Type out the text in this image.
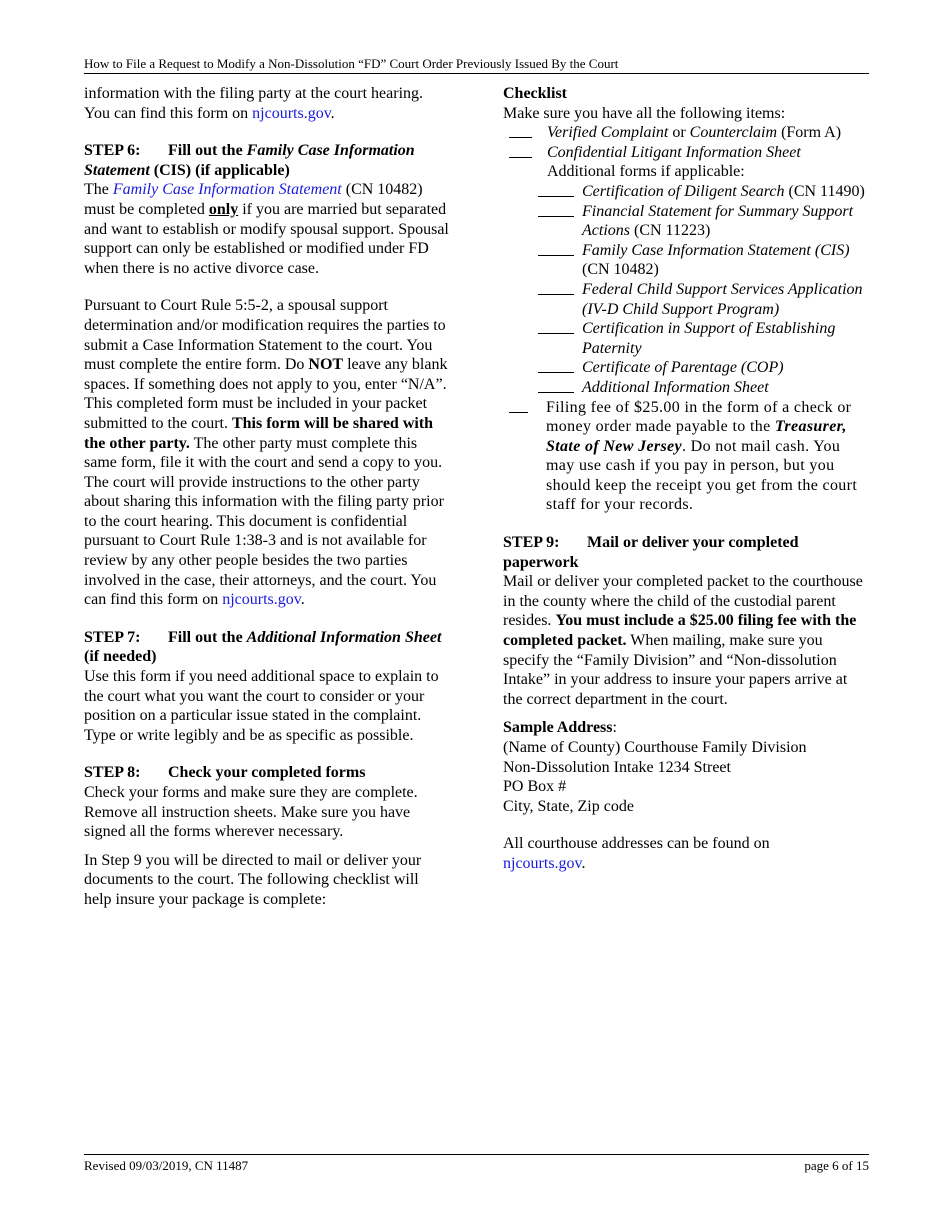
How to File a Request to Modify a Non-Dissolution “FD” Court Order Previously Issued By the Court

information with the filing party at the court hearing.
You can find this form on njcourts.gov.

STEP 6: Fill out the Family Case Information Statement (CIS) (if applicable)

The Family Case Information Statement (CN 10482) must be completed only if you are married but separated and want to establish or modify spousal support. Spousal support can only be established or modified under FD when there is no active divorce case.

Pursuant to Court Rule 5:5-2, a spousal support determination and/or modification requires the parties to submit a Case Information Statement to the court. You must complete the entire form. Do NOT leave any blank spaces. If something does not apply to you, enter “N/A”. This completed form must be included in your packet submitted to the court. This form will be shared with the other party. The other party must complete this same form, file it with the court and send a copy to you. The court will provide instructions to the other party about sharing this information with the filing party prior to the court hearing. This document is confidential pursuant to Court Rule 1:38-3 and is not available for review by any other people besides the two parties involved in the case, their attorneys, and the court. You can find this form on njcourts.gov.

STEP 7: Fill out the Additional Information Sheet (if needed)

Use this form if you need additional space to explain to the court what you want the court to consider or your position on a particular issue stated in the complaint. Type or write legibly and be as specific as possible.

STEP 8: Check your completed forms

Check your forms and make sure they are complete. Remove all instruction sheets. Make sure you have signed all the forms wherever necessary.

In Step 9 you will be directed to mail or deliver your documents to the court. The following checklist will help insure your package is complete:

Checklist

Make sure you have all the following items:

Verified Complaint or Counterclaim (Form A)
Confidential Litigant Information Sheet

Additional forms if applicable:

Certification of Diligent Search (CN 11490)
Financial Statement for Summary Support Actions (CN 11223)
Family Case Information Statement (CIS) (CN 10482)
Federal Child Support Services Application (IV-D Child Support Program)
Certification in Support of Establishing Paternity
Certificate of Parentage (COP)
Additional Information Sheet
Filing fee of $25.00 in the form of a check or money order made payable to the Treasurer, State of New Jersey. Do not mail cash. You may use cash if you pay in person, but you should keep the receipt you get from the court staff for your records.

STEP 9: Mail or deliver your completed paperwork

Mail or deliver your completed packet to the courthouse in the county where the child of the custodial parent resides. You must include a $25.00 filing fee with the completed packet. When mailing, make sure you specify the “Family Division” and “Non-dissolution Intake” in your address to insure your papers arrive at the correct department in the court.

Sample Address:

(Name of County) Courthouse Family Division
Non-Dissolution Intake 1234 Street
PO Box #
City, State, Zip code

All courthouse addresses can be found on
njcourts.gov.

Revised 09/03/2019, CN 11487	page 6 of 15
